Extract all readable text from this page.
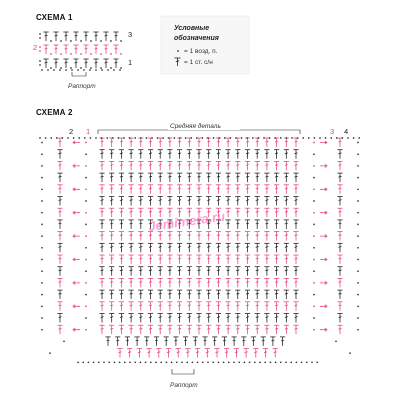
СХЕМА 1
3
2
1
Раппорт
Условные
обозначения
= 1 возд. п.
= 1 ст. с/н
СХЕМА 2
2 1	3 4
Средняя деталь
Раппорт
Jemimera.ru
